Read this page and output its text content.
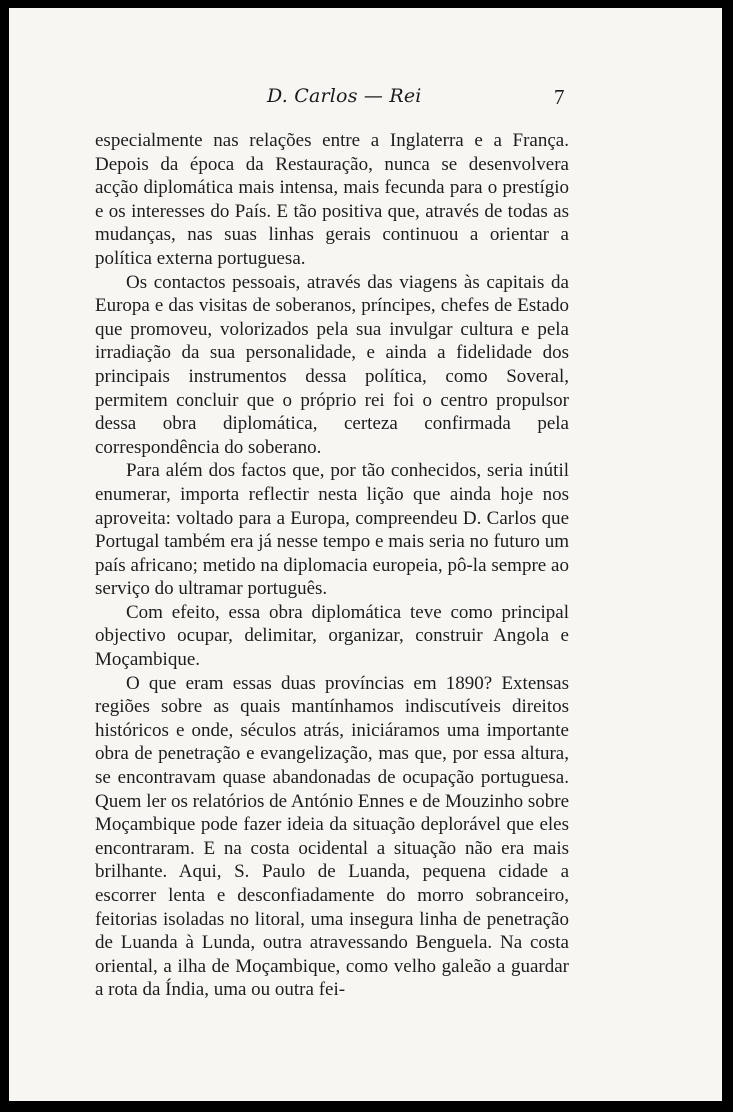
D. Carlos — Rei	7

especialmente nas relações entre a Inglaterra e a França. Depois da época da Restauração, nunca se desenvolvera acção diplomática mais intensa, mais fecunda para o prestígio e os interesses do País. E tão positiva que, através de todas as mudanças, nas suas linhas gerais continuou a orientar a política externa portuguesa.

Os contactos pessoais, através das viagens às capitais da Europa e das visitas de soberanos, príncipes, chefes de Estado que promoveu, volorizados pela sua invulgar cultura e pela irradiação da sua personalidade, e ainda a fidelidade dos principais instrumentos dessa política, como Soveral, permitem concluir que o próprio rei foi o centro propulsor dessa obra diplomática, certeza confirmada pela correspondência do soberano.

Para além dos factos que, por tão conhecidos, seria inútil enumerar, importa reflectir nesta lição que ainda hoje nos aproveita: voltado para a Europa, compreendeu D. Carlos que Portugal também era já nesse tempo e mais seria no futuro um país africano; metido na diplomacia europeia, pô-la sempre ao serviço do ultramar português.

Com efeito, essa obra diplomática teve como principal objectivo ocupar, delimitar, organizar, construir Angola e Moçambique.

O que eram essas duas províncias em 1890? Extensas regiões sobre as quais mantínhamos indiscutíveis direitos históricos e onde, séculos atrás, iniciáramos uma importante obra de penetração e evangelização, mas que, por essa altura, se encontravam quase abandonadas de ocupação portuguesa. Quem ler os relatórios de António Ennes e de Mouzinho sobre Moçambique pode fazer ideia da situação deplorável que eles encontraram. E na costa ocidental a situação não era mais brilhante. Aqui, S. Paulo de Luanda, pequena cidade a escorrer lenta e desconfiadamente do morro sobranceiro, feitorias isoladas no litoral, uma insegura linha de penetração de Luanda à Lunda, outra atravessando Benguela. Na costa oriental, a ilha de Moçambique, como velho galeão a guardar a rota da Índia, uma ou outra fei-
